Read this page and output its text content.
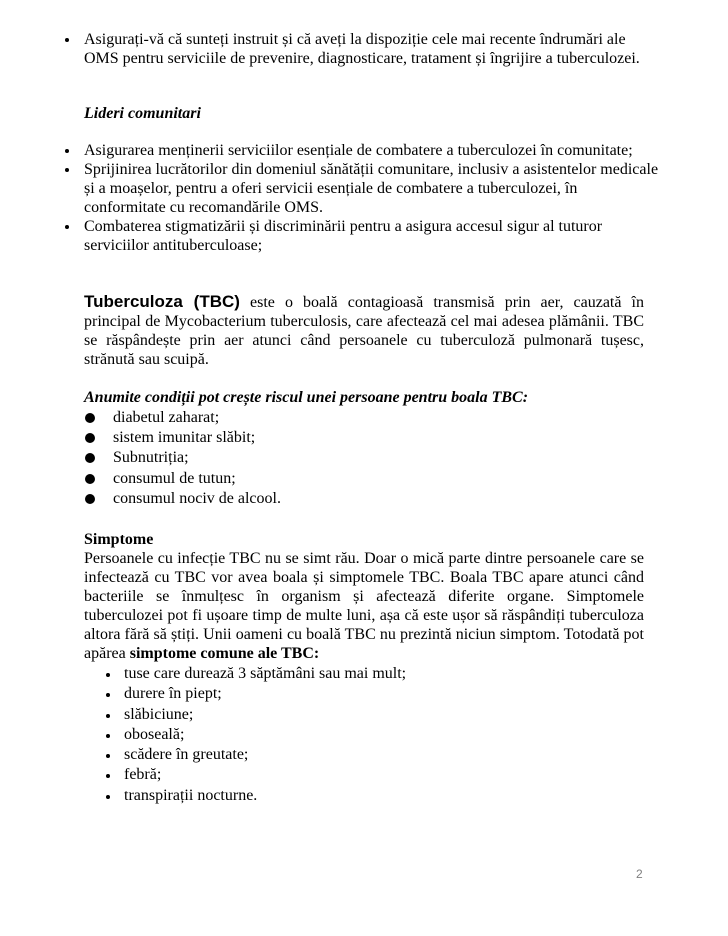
Asigurați-vă că sunteți instruit și că aveți la dispoziție cele mai recente îndrumări ale OMS pentru serviciile de prevenire, diagnosticare, tratament și îngrijire a tuberculozei.
Lideri comunitari
Asigurarea menținerii serviciilor esențiale de combatere a tuberculozei în comunitate;
Sprijinirea lucrătorilor din domeniul sănătății comunitare, inclusiv a asistentelor medicale și a moașelor, pentru a oferi servicii esențiale de combatere a tuberculozei, în conformitate cu recomandările OMS.
Combaterea stigmatizării și discriminării pentru a asigura accesul sigur al tuturor serviciilor antituberculoase;
Tuberculoza (TBC) este o boală contagioasă transmisă prin aer, cauzată în principal de Mycobacterium tuberculosis, care afectează cel mai adesea plămânii. TBC se răspândește prin aer atunci când persoanele cu tuberculoză pulmonară tușesc, strănută sau scuipă.
Anumite condiții pot crește riscul unei persoane pentru boala TBC:
diabetul zaharat;
sistem imunitar slăbit;
Subnutriția;
consumul de tutun;
consumul nociv de alcool.
Simptome
Persoanele cu infecție TBC nu se simt rău. Doar o mică parte dintre persoanele care se infectează cu TBC vor avea boala și simptomele TBC. Boala TBC apare atunci când bacteriile se înmulțesc în organism și afectează diferite organe. Simptomele tuberculozei pot fi ușoare timp de multe luni, așa că este ușor să răspândiți tuberculoza altora fără să știți. Unii oameni cu boală TBC nu prezintă niciun simptom. Totodată pot apărea simptome comune ale TBC:
tuse care durează 3 săptămâni sau mai mult;
durere în piept;
slăbiciune;
oboseală;
scădere în greutate;
febră;
transpirații nocturne.
2
